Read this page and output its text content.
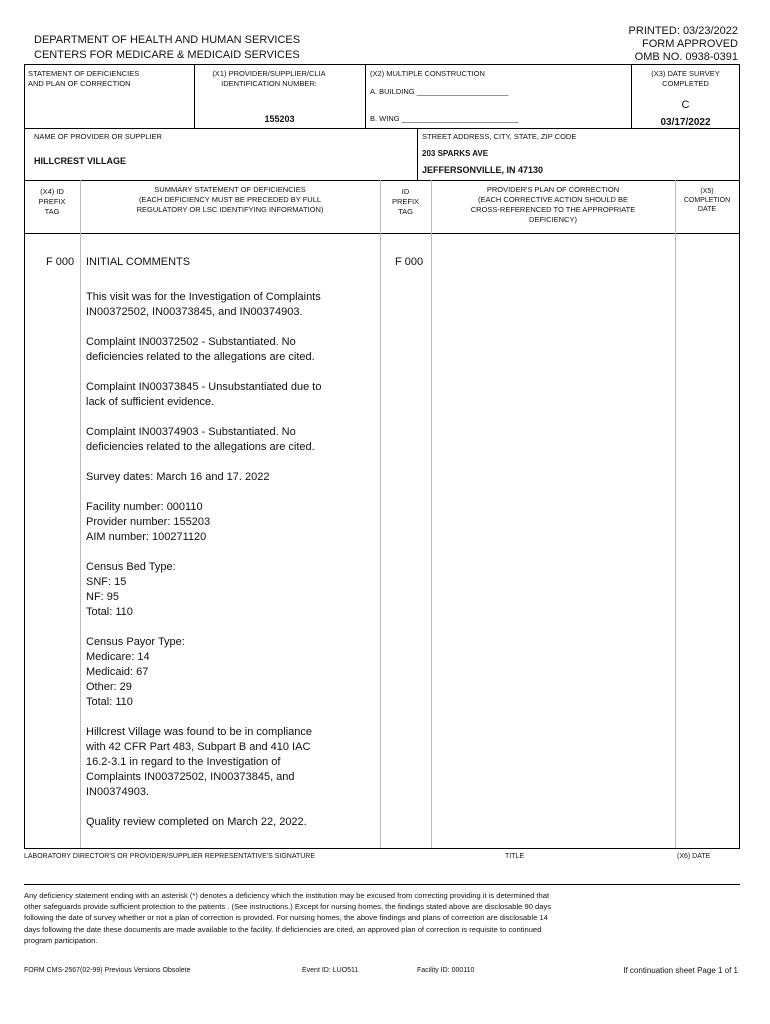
DEPARTMENT OF HEALTH AND HUMAN SERVICES
CENTERS FOR MEDICARE & MEDICAID SERVICES
PRINTED: 03/23/2022
FORM APPROVED
OMB NO. 0938-0391
STATEMENT OF DEFICIENCIES
AND PLAN OF CORRECTION
(X1) PROVIDER/SUPPLIER/CLIA
IDENTIFICATION NUMBER:
155203
(X2) MULTIPLE CONSTRUCTION
A. BUILDING ______________________
B. WING ____________________________
(X3) DATE SURVEY
COMPLETED
C
03/17/2022
NAME OF PROVIDER OR SUPPLIER
HILLCREST VILLAGE
STREET ADDRESS, CITY, STATE, ZIP CODE
203 SPARKS AVE
JEFFERSONVILLE, IN 47130
(X4) ID
PREFIX
TAG
SUMMARY STATEMENT OF DEFICIENCIES
(EACH DEFICIENCY MUST BE PRECEDED BY FULL
REGULATORY OR LSC IDENTIFYING INFORMATION)
ID
PREFIX
TAG
PROVIDER'S PLAN OF CORRECTION
(EACH CORRECTIVE ACTION SHOULD BE
CROSS-REFERENCED TO THE APPROPRIATE
DEFICIENCY)
(X5)
COMPLETION
DATE
F 000 INITIAL COMMENTS	F 000
This visit was for the Investigation of Complaints
IN00372502, IN00373845, and IN00374903.
Complaint IN00372502 - Substantiated. No
deficiencies related to the allegations are cited.
Complaint IN00373845 - Unsubstantiated due to
lack of sufficient evidence.
Complaint IN00374903 - Substantiated. No
deficiencies related to the allegations are cited.
Survey dates: March 16 and 17. 2022
Facility number: 000110
Provider number: 155203
AIM number: 100271120
Census Bed Type:
SNF: 15
NF: 95
Total: 110
Census Payor Type:
Medicare: 14
Medicaid: 67
Other: 29
Total: 110
Hillcrest Village was found to be in compliance
with 42 CFR Part 483, Subpart B and 410 IAC
16.2-3.1 in regard to the Investigation of
Complaints IN00372502, IN00373845, and
IN00374903.
Quality review completed on March 22, 2022.
LABORATORY DIRECTOR'S OR PROVIDER/SUPPLIER REPRESENTATIVE'S SIGNATURE	TITLE	(X6) DATE
Any deficiency statement ending with an asterisk (*) denotes a deficiency which the institution may be excused from correcting providing it is determined that
other safeguards provide sufficient protection to the patients . (See instructions.) Except for nursing homes, the findings stated above are disclosable 90 days
following the date of survey whether or not a plan of correction is provided. For nursing homes, the above findings and plans of correction are disclosable 14
days following the date these documents are made available to the facility. If deficiencies are cited, an approved plan of correction is requisite to continued
program participation.
FORM CMS-2567(02-99) Previous Versions Obsolete	Event ID: LUO511	Facility ID: 000110	If continuation sheet Page 1 of 1
